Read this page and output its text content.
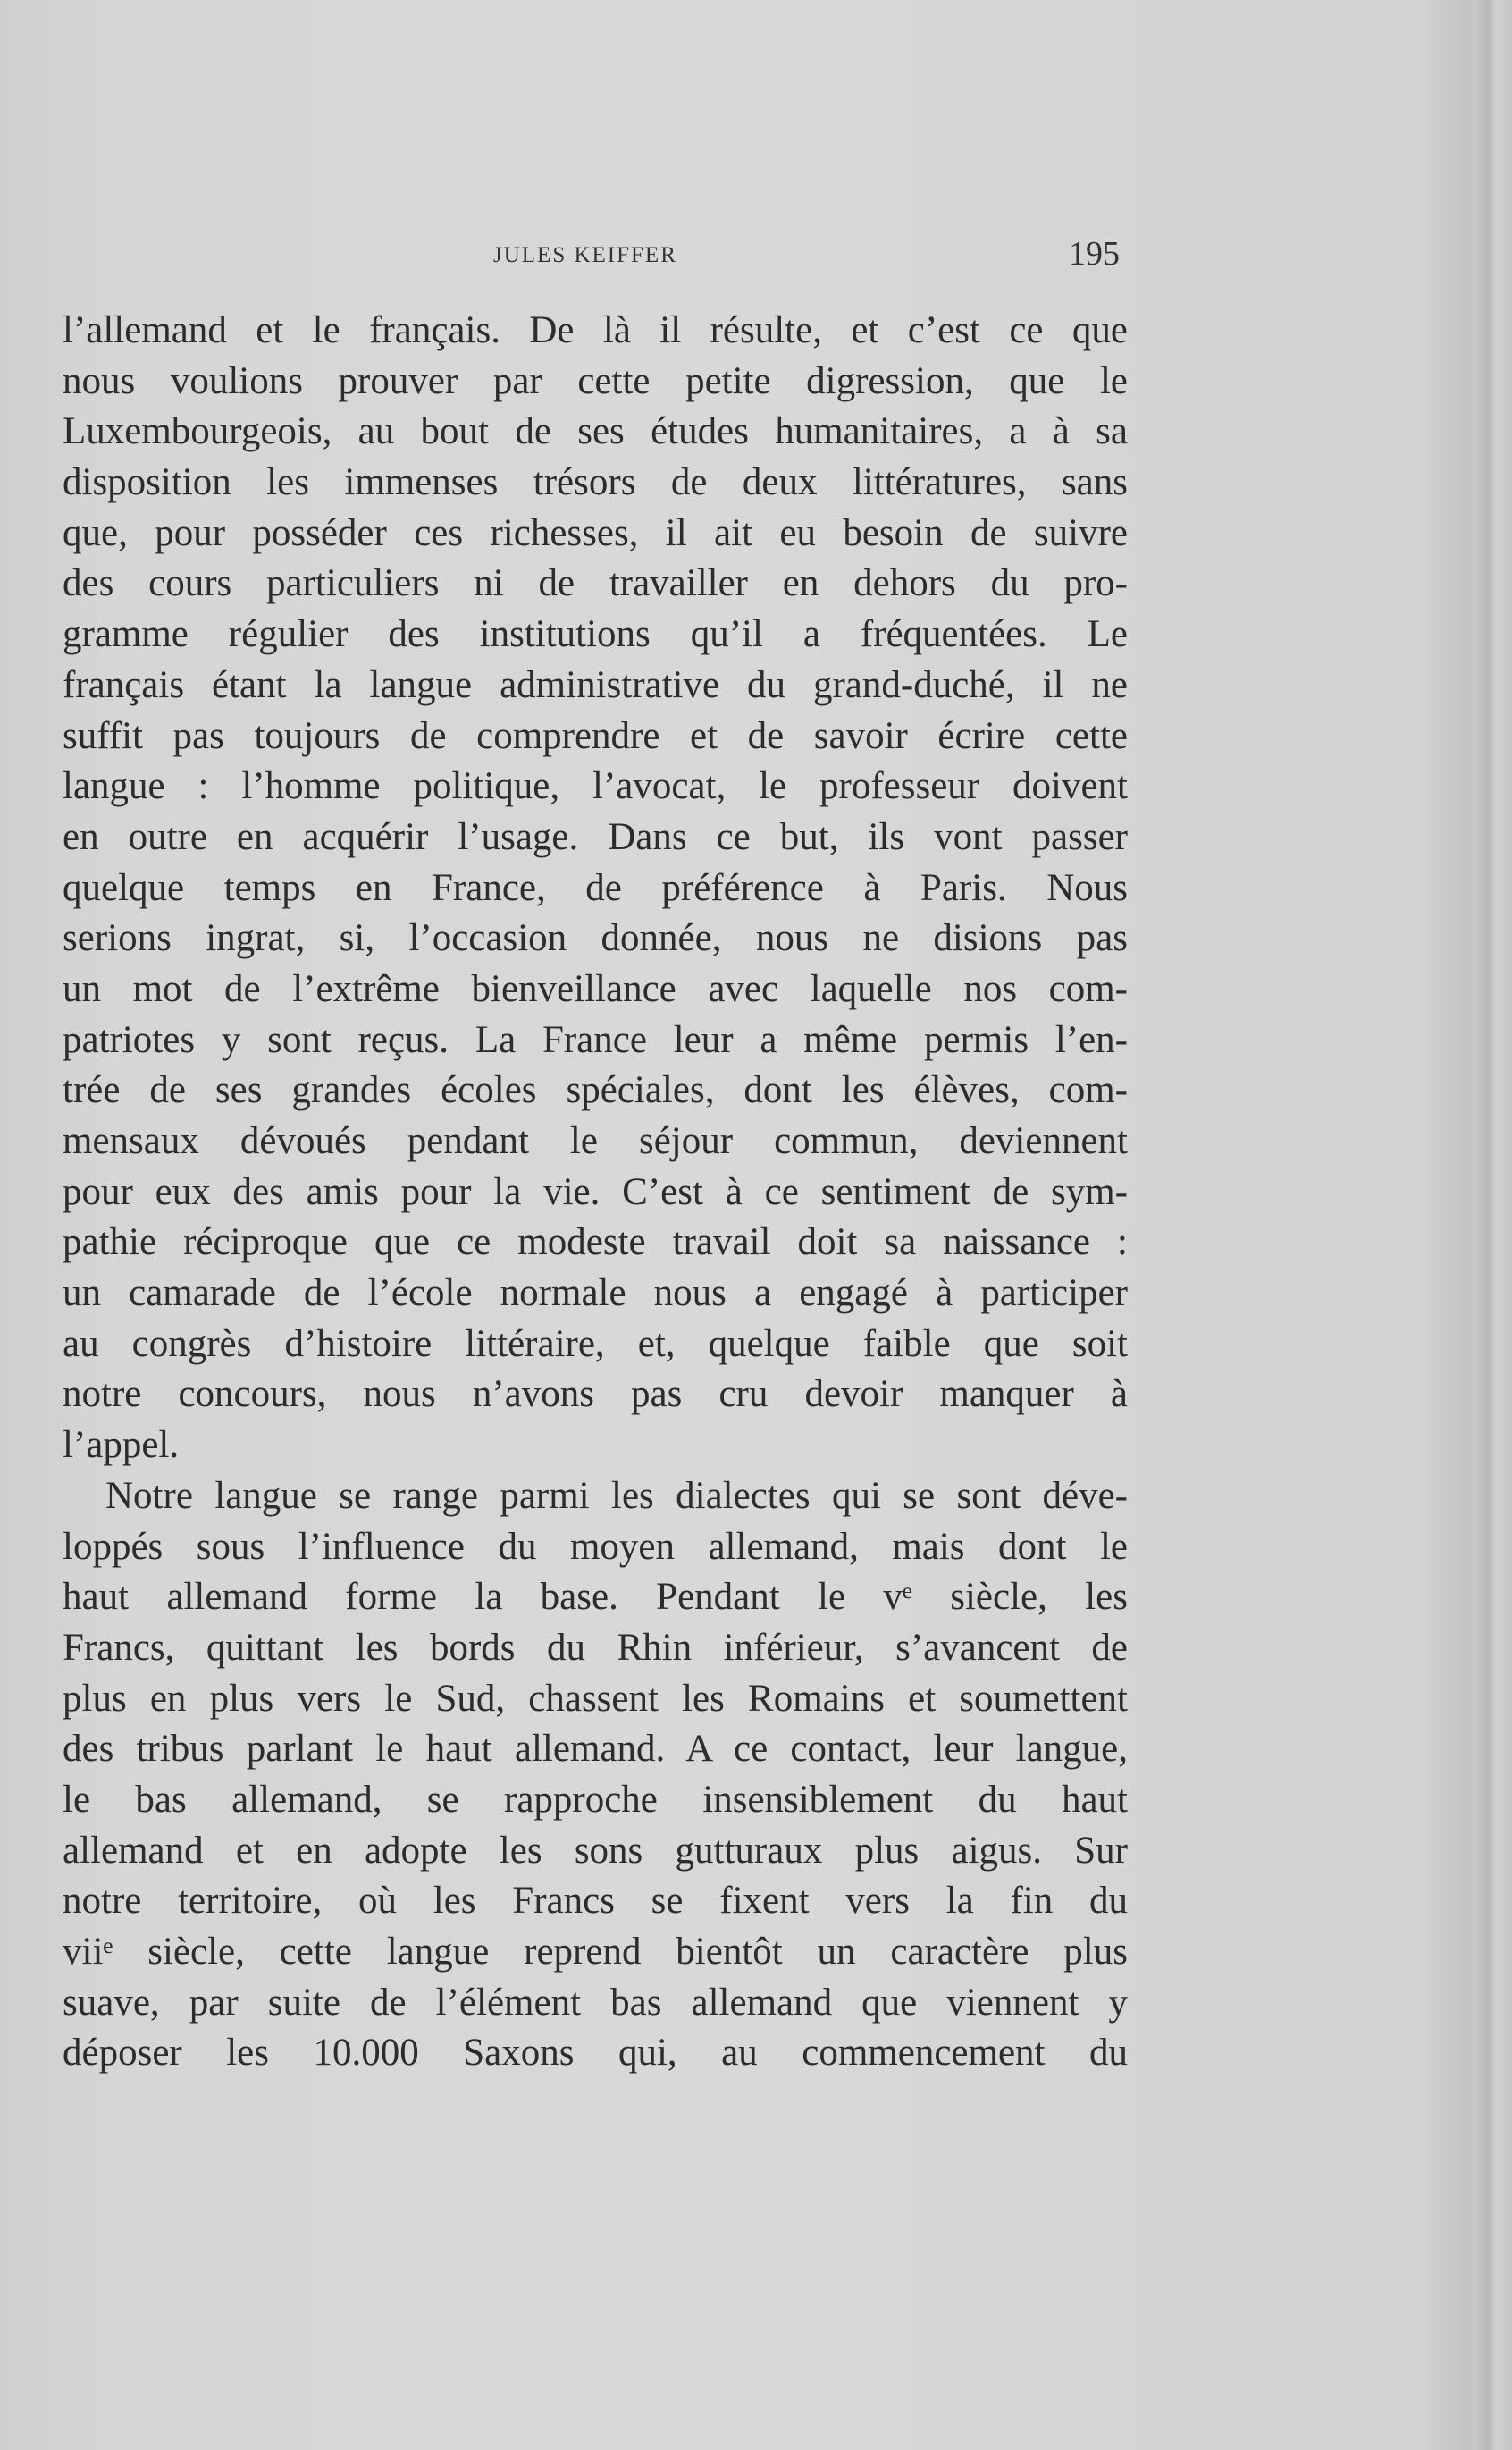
JULES KEIFFER	195
l’allemand et le français. De là il résulte, et c’est ce que
nous voulions prouver par cette petite digression, que le
Luxembourgeois, au bout de ses études humanitaires, a à sa
disposition les immenses trésors de deux littératures, sans
que, pour posséder ces richesses, il ait eu besoin de suivre
des cours particuliers ni de travailler en dehors du pro-
gramme régulier des institutions qu’il a fréquentées. Le
français étant la langue administrative du grand-duché, il ne
suffit pas toujours de comprendre et de savoir écrire cette
langue : l’homme politique, l’avocat, le professeur doivent
en outre en acquérir l’usage. Dans ce but, ils vont passer
quelque temps en France, de préférence à Paris. Nous
serions ingrat, si, l’occasion donnée, nous ne disions pas
un mot de l’extrême bienveillance avec laquelle nos com-
patriotes y sont reçus. La France leur a même permis l’en-
trée de ses grandes écoles spéciales, dont les élèves, com-
mensaux dévoués pendant le séjour commun, deviennent
pour eux des amis pour la vie. C’est à ce sentiment de sym-
pathie réciproque que ce modeste travail doit sa naissance :
un camarade de l’école normale nous a engagé à participer
au congrès d’histoire littéraire, et, quelque faible que soit
notre concours, nous n’avons pas cru devoir manquer à
l’appel.
Notre langue se range parmi les dialectes qui se sont déve-
loppés sous l’influence du moyen allemand, mais dont le
haut allemand forme la base. Pendant le vᵉ siècle, les
Francs, quittant les bords du Rhin inférieur, s’avancent de
plus en plus vers le Sud, chassent les Romains et soumettent
des tribus parlant le haut allemand. A ce contact, leur langue,
le bas allemand, se rapproche insensiblement du haut
allemand et en adopte les sons gutturaux plus aigus. Sur
notre territoire, où les Francs se fixent vers la fin du
viiᵉ siècle, cette langue reprend bientôt un caractère plus
suave, par suite de l’élément bas allemand que viennent y
déposer les 10.000 Saxons qui, au commencement du
